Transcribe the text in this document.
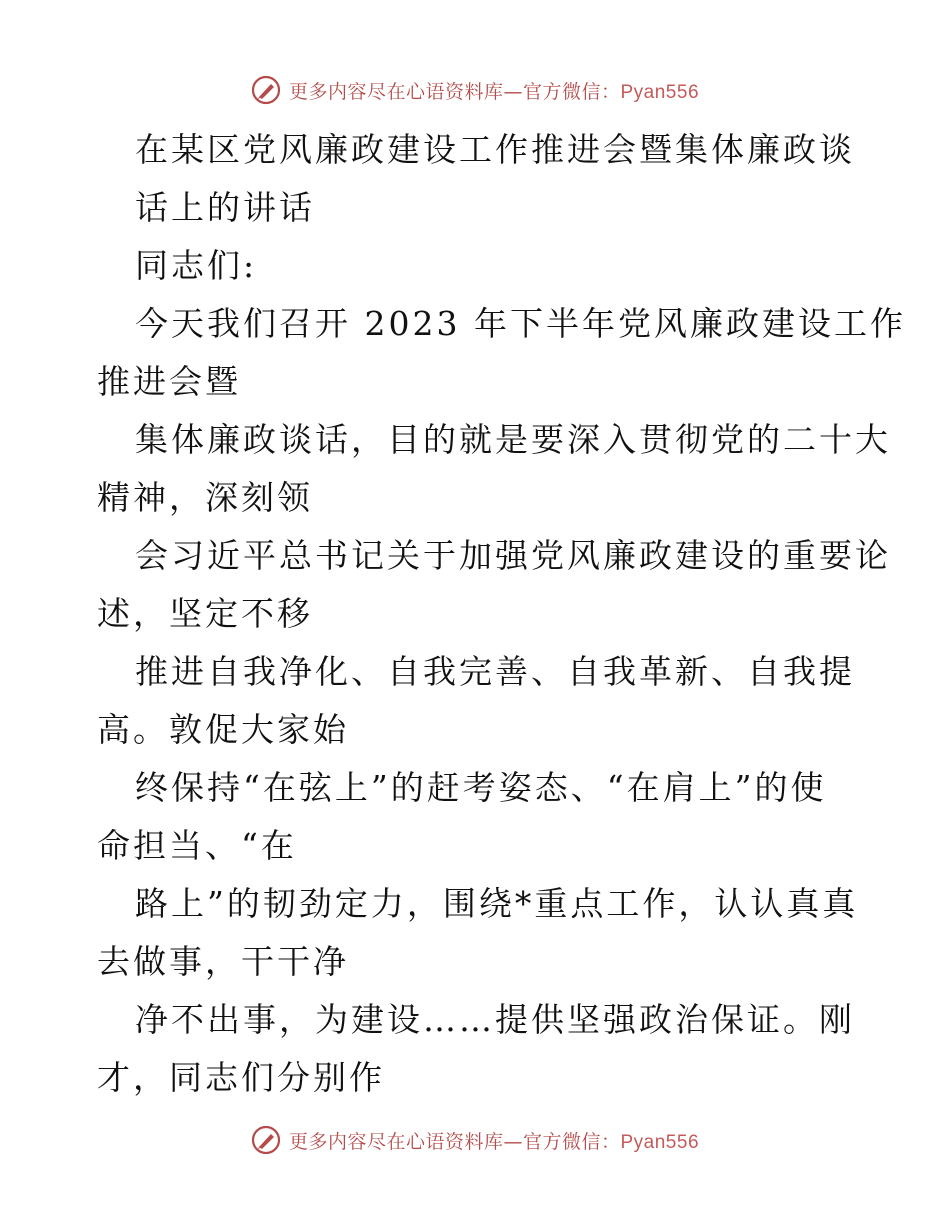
更多内容尽在心语资料库—官方微信：Pyan556
在某区党风廉政建设工作推进会暨集体廉政谈
话上的讲话
同志们:
今天我们召开 2023 年下半年党风廉政建设工作
推进会暨
集体廉政谈话，目的就是要深入贯彻党的二十大
精神，深刻领
会习近平总书记关于加强党风廉政建设的重要论
述，坚定不移
推进自我净化、自我完善、自我革新、自我提
高。敦促大家始
终保持“在弦上”的赶考姿态、“在肩上”的使
命担当、“在
路上”的韧劲定力，围绕*重点工作，认认真真
去做事，干干净
净不出事，为建设……提供坚强政治保证。刚
才，同志们分别作
更多内容尽在心语资料库—官方微信：Pyan556
